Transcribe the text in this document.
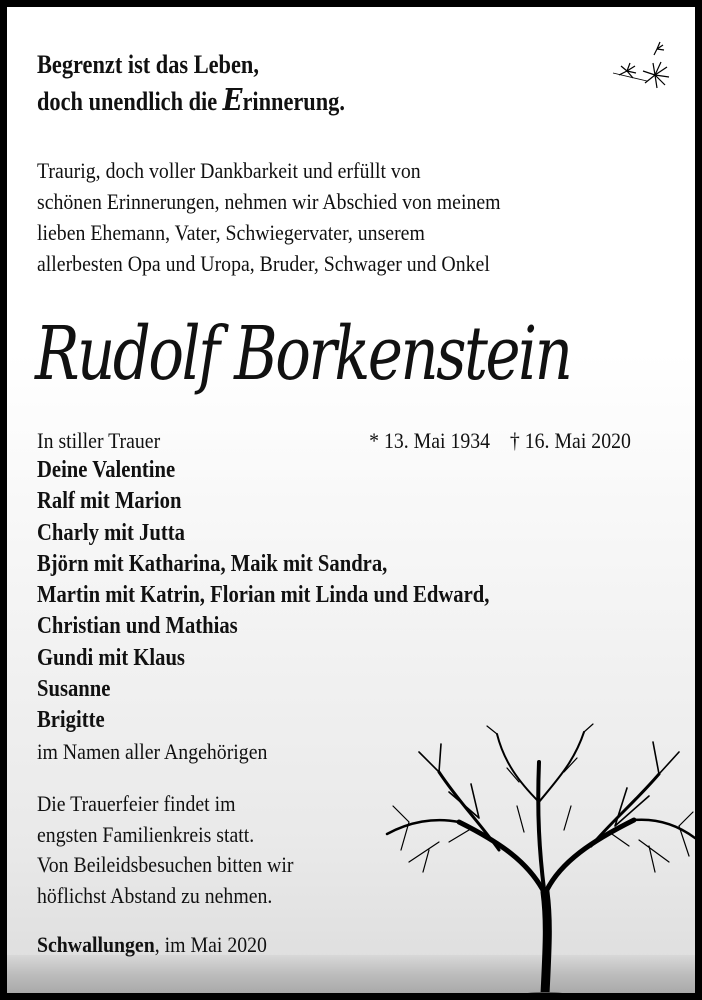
Begrenzt ist das Leben,
doch unendlich die Erinnerung.
Traurig, doch voller Dankbarkeit und erfüllt von
schönen Erinnerungen, nehmen wir Abschied von meinem
lieben Ehemann, Vater, Schwiegervater, unserem
allerbesten Opa und Uropa, Bruder, Schwager und Onkel
Rudolf Borkenstein
In stiller Trauer	* 13. Mai 1934 † 16. Mai 2020
Deine Valentine
Ralf mit Marion
Charly mit Jutta
Björn mit Katharina, Maik mit Sandra,
Martin mit Katrin, Florian mit Linda und Edward,
Christian und Mathias
Gundi mit Klaus
Susanne
Brigitte
im Namen aller Angehörigen
Die Trauerfeier findet im
engsten Familienkreis statt.
Von Beileidsbesuchen bitten wir
höflichst Abstand zu nehmen.
Schwallungen, im Mai 2020
